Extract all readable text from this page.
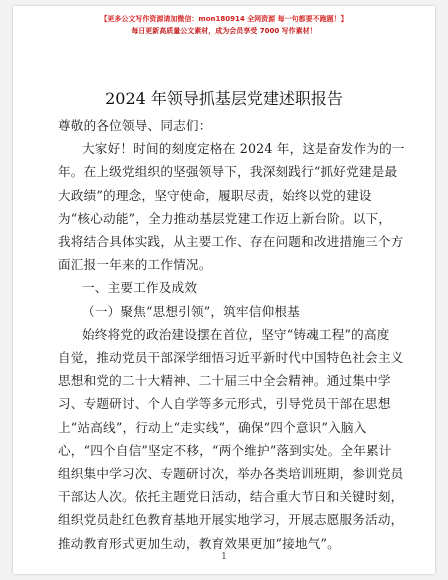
【更多公文写作资源请加微信：mon180914 全网资源 每一句都要不跑题！】
每日更新高质量公文素材，成为会员享受 7000 写作素材！
2024 年领导抓基层党建述职报告
1
尊敬的各位领导、同志们：
大家好！时间的刻度定格在 2024 年，这是奋发作为的一
年。在上级党组织的坚强领导下，我深刻践行“抓好党建是最
大政绩”的理念，坚守使命，履职尽责，始终以党的建设
为“核心动能”，全力推动基层党建工作迈上新台阶。以下，
我将结合具体实践，从主要工作、存在问题和改进措施三个方
面汇报一年来的工作情况。
一、主要工作及成效
（一）聚焦“思想引领”，筑牢信仰根基
始终将党的政治建设摆在首位，坚守“铸魂工程”的高度
自觉，推动党员干部深学细悟习近平新时代中国特色社会主义
思想和党的二十大精神、二十届三中全会精神。通过集中学
习、专题研讨、个人自学等多元形式，引导党员干部在思想
上“站高线”，行动上“走实线”，确保“四个意识”入脑入
心，“四个自信”坚定不移，“两个维护”落到实处。全年累计
组织集中学习次、专题研讨次，举办各类培训班期，参训党员
干部达人次。依托主题党日活动，结合重大节日和关键时刻，
组织党员赴红色教育基地开展实地学习，开展志愿服务活动，
推动教育形式更加生动，教育效果更加“接地气”。
